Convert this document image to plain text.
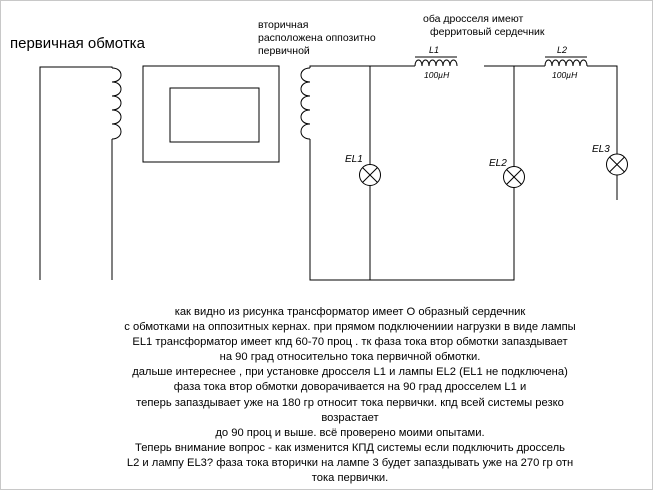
первичная обмотка
вторичная
расположена оппозитно
первичной
оба дросселя имеют
ферритовый сердечник
L1
100µH
L2
100µH
EL1	EL2
EL3
как видно из рисунка трансформатор имеет О образный сердечник
с обмотками на оппозитных кернах. при прямом подключениии нагрузки в виде лампы
EL1 трансформатор имеет кпд 60-70 проц . тк фаза тока втор обмотки запаздывает
на 90 град относительно тока первичной обмотки.
дальше интереснее , при установке дросселя L1 и лампы EL2 (EL1 не подключена)
фаза тока втор обмотки доворачивается на 90 град дросселем L1 и
теперь запаздывает уже на 180 гр относит тока первички. кпд всей системы резко
возрастает
до 90 проц и выше. всё проверено моими опытами.
Теперь внимание вопрос - как изменится КПД системы если подключить дроссель
L2 и лампу EL3? фаза тока вторички на лампе 3 будет запаздывать уже на 270 гр отн
тока первички.
